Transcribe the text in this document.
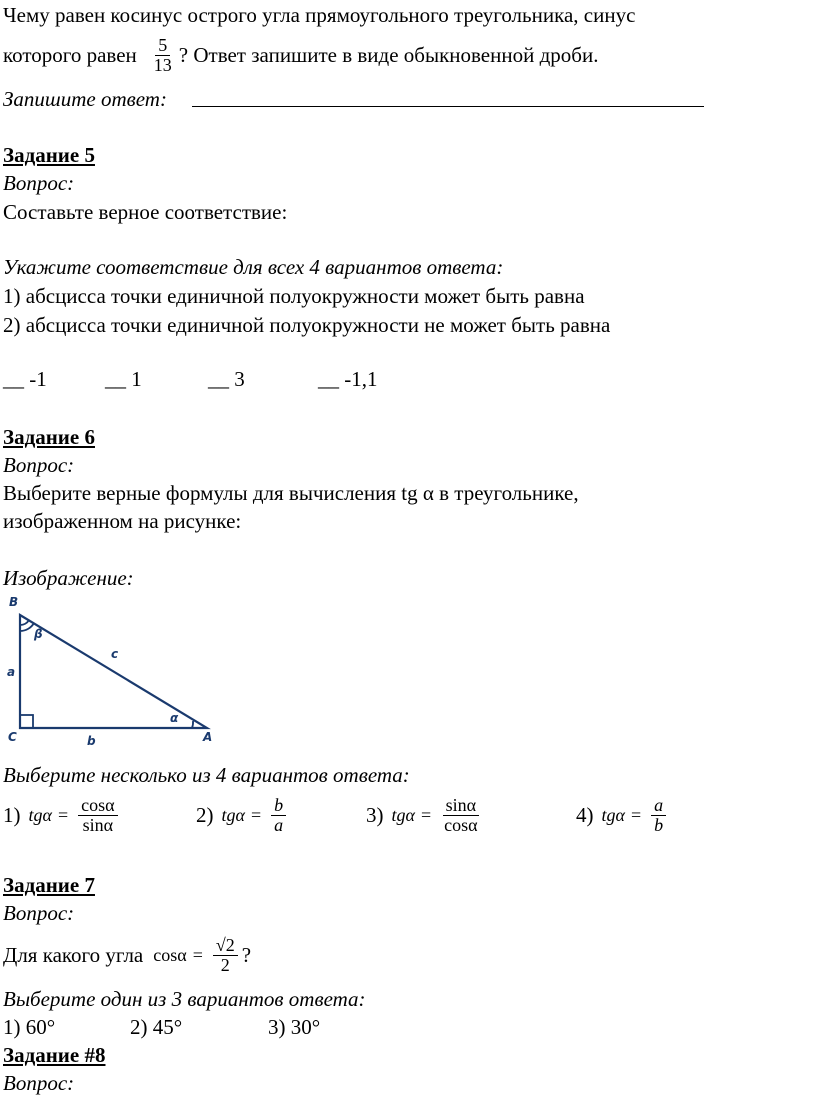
Чему равен косинус острого угла прямоугольного треугольника, синус
которого равен $\frac{5}{13}$ ? Ответ запишите в виде обыкновенной дроби.
Запишите ответ:
Задание 5
Вопрос:
Составьте верное соответствие:
Укажите соответствие для всех 4 вариантов ответа:
1) абсцисса точки единичной полуокружности может быть равна
2) абсцисса точки единичной полуокружности не может быть равна
__ -1	__ 1	__ 3	__ -1,1
Задание 6
Вопрос:
Выберите верные формулы для вычисления tg α в треугольнике,
изображенном на рисунке:
Изображение:
B
C	A
a
b
c
β
α
Выберите несколько из 4 вариантов ответа:
1) $tg\alpha = \frac{\cos\alpha}{\sin\alpha}$	2) $tg\alpha = \frac{b}{a}$	3) $tg\alpha = \frac{\sin\alpha}{\cos\alpha}$	4) $tg\alpha = \frac{a}{b}$
Задание 7
Вопрос:
Для какого угла $\cos\alpha = \frac{√2}{2}$ ?
Выберите один из 3 вариантов ответа:
1) 60°	2) 45°	3) 30°
Задание #8
Вопрос:
